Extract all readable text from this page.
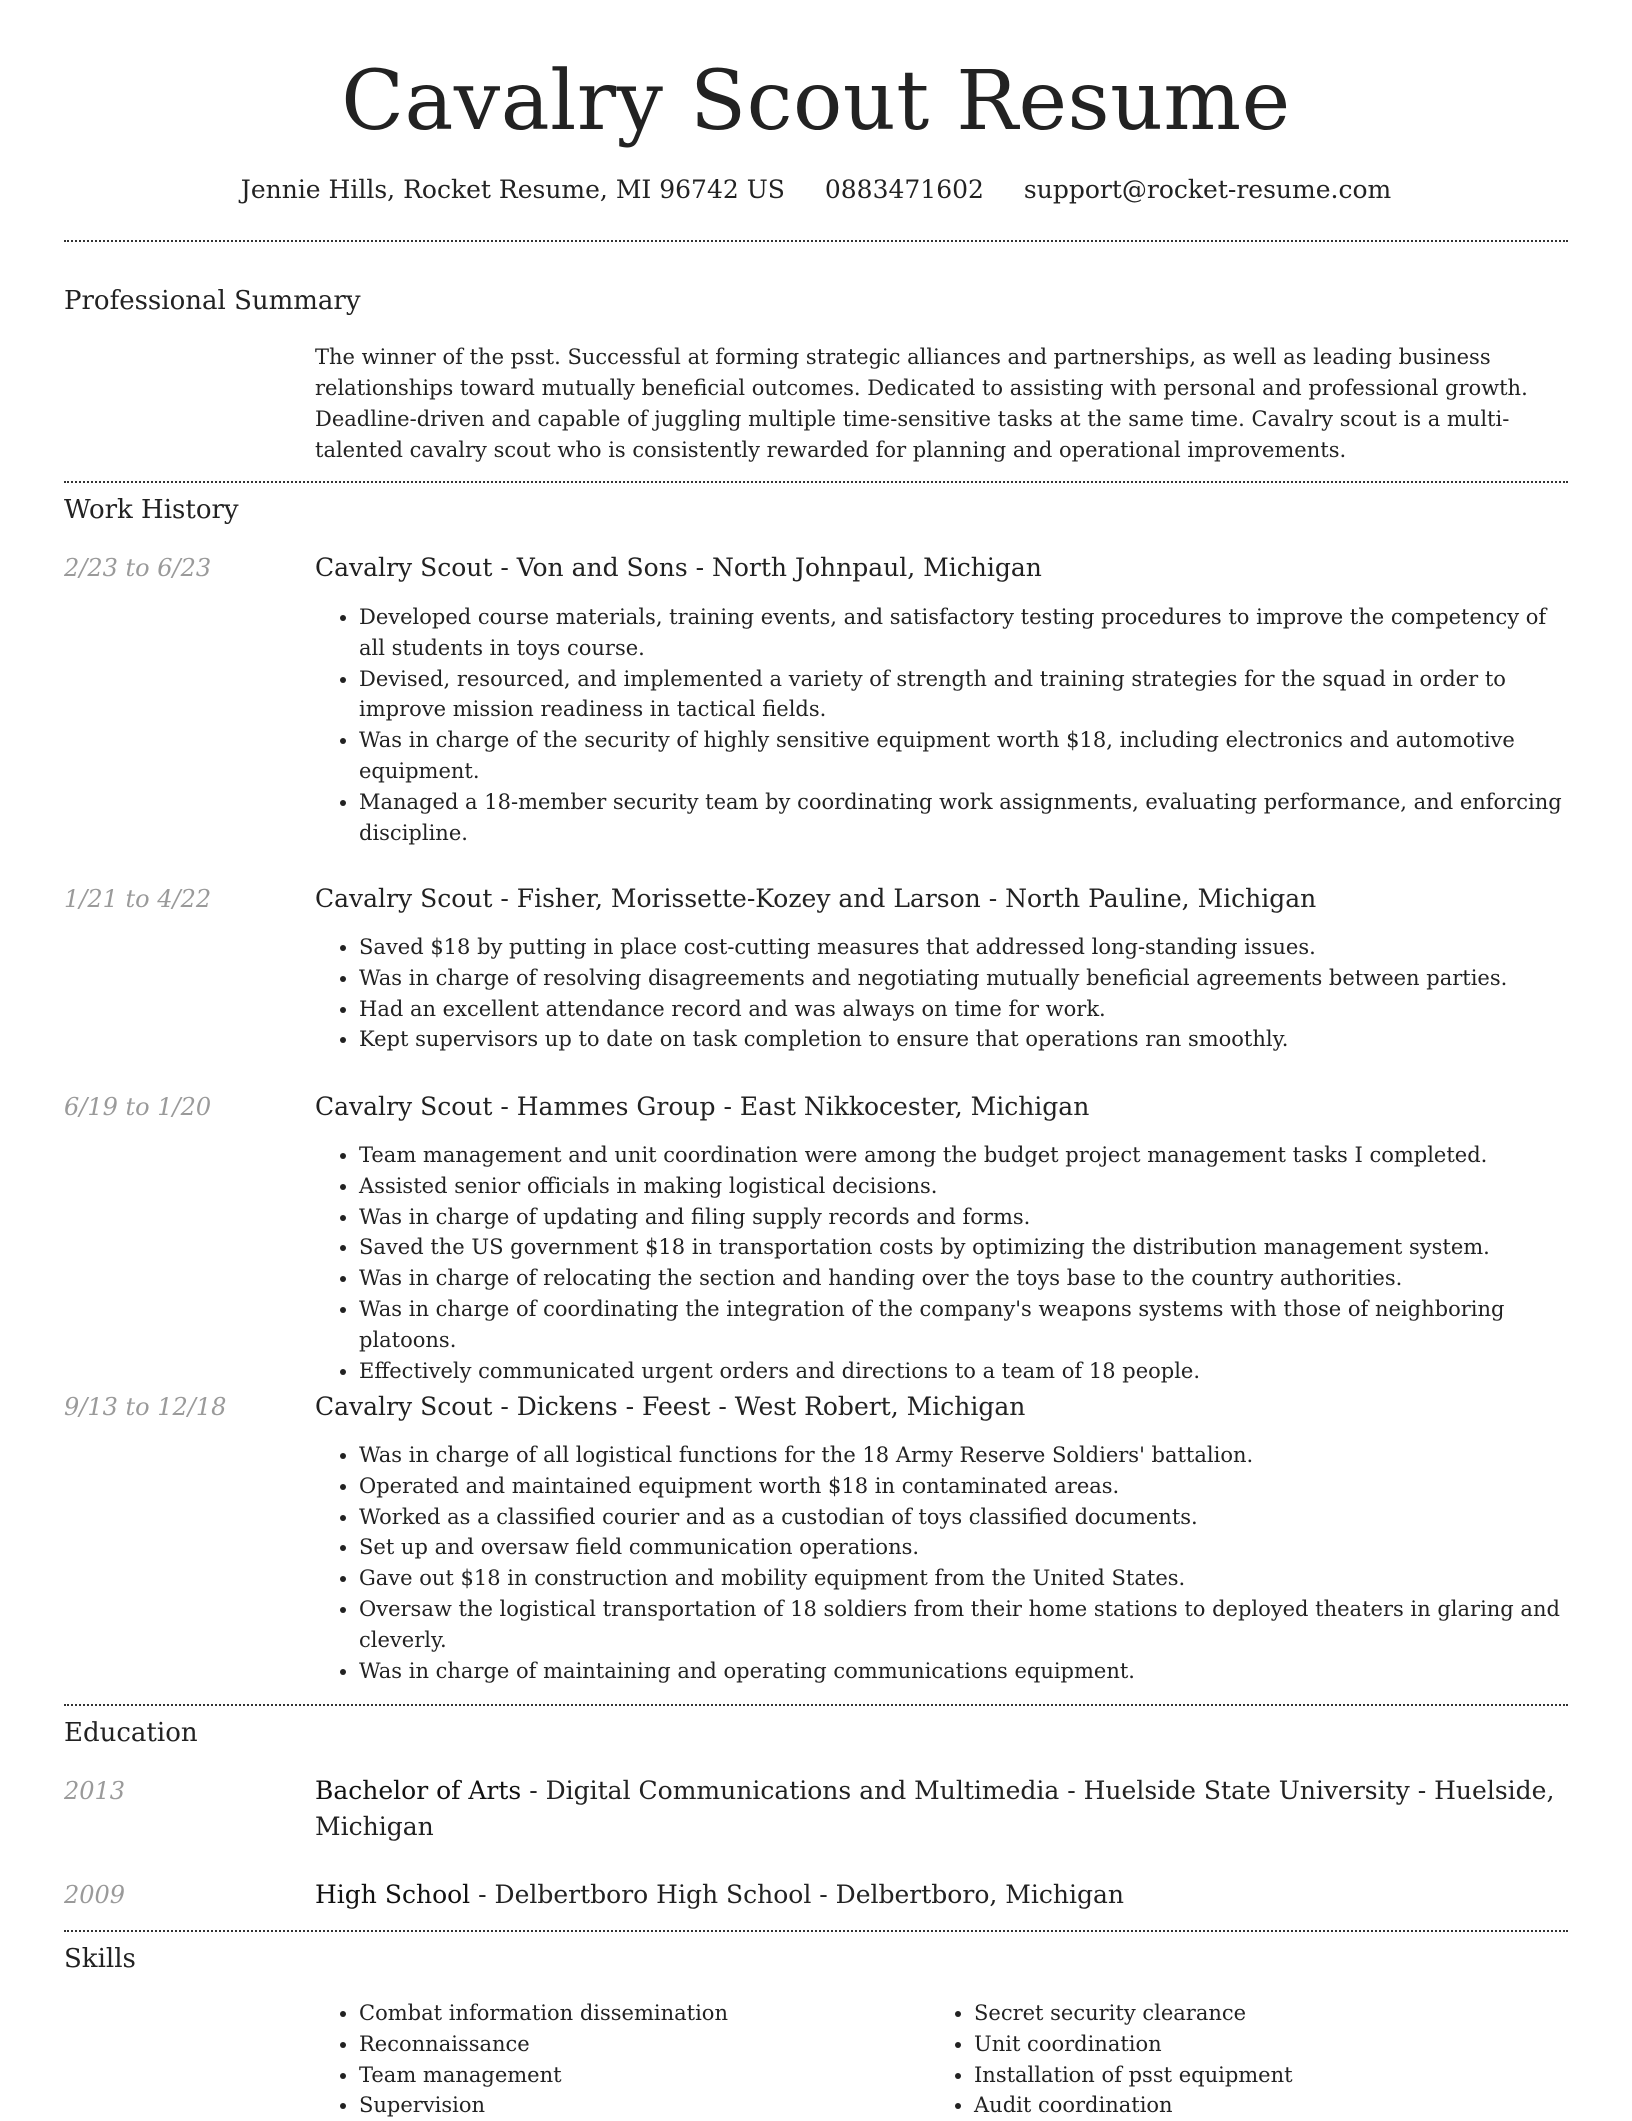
Cavalry Scout Resume
Jennie Hills, Rocket Resume, MI 96742 US 0883471602 support@rocket-resume.com
Professional Summary
The winner of the psst. Successful at forming strategic alliances and partnerships, as well as leading business relationships toward mutually beneficial outcomes. Dedicated to assisting with personal and professional growth. Deadline-driven and capable of juggling multiple time-sensitive tasks at the same time. Cavalry scout is a multi-talented cavalry scout who is consistently rewarded for planning and operational improvements.
Work History
2/23 to 6/23	Cavalry Scout - Von and Sons - North Johnpaul, Michigan
• Developed course materials, training events, and satisfactory testing procedures to improve the competency of all students in toys course.
• Devised, resourced, and implemented a variety of strength and training strategies for the squad in order to improve mission readiness in tactical fields.
• Was in charge of the security of highly sensitive equipment worth $18, including electronics and automotive equipment.
• Managed a 18-member security team by coordinating work assignments, evaluating performance, and enforcing discipline.
1/21 to 4/22	Cavalry Scout - Fisher, Morissette-Kozey and Larson - North Pauline, Michigan
• Saved $18 by putting in place cost-cutting measures that addressed long-standing issues.
• Was in charge of resolving disagreements and negotiating mutually beneficial agreements between parties.
• Had an excellent attendance record and was always on time for work.
• Kept supervisors up to date on task completion to ensure that operations ran smoothly.
6/19 to 1/20	Cavalry Scout - Hammes Group - East Nikkocester, Michigan
• Team management and unit coordination were among the budget project management tasks I completed.
• Assisted senior officials in making logistical decisions.
• Was in charge of updating and filing supply records and forms.
• Saved the US government $18 in transportation costs by optimizing the distribution management system.
• Was in charge of relocating the section and handing over the toys base to the country authorities.
• Was in charge of coordinating the integration of the company's weapons systems with those of neighboring platoons.
• Effectively communicated urgent orders and directions to a team of 18 people.
9/13 to 12/18	Cavalry Scout - Dickens - Feest - West Robert, Michigan
• Was in charge of all logistical functions for the 18 Army Reserve Soldiers' battalion.
• Operated and maintained equipment worth $18 in contaminated areas.
• Worked as a classified courier and as a custodian of toys classified documents.
• Set up and oversaw field communication operations.
• Gave out $18 in construction and mobility equipment from the United States.
• Oversaw the logistical transportation of 18 soldiers from their home stations to deployed theaters in glaring and cleverly.
• Was in charge of maintaining and operating communications equipment.
Education
2013	Bachelor of Arts - Digital Communications and Multimedia - Huelside State University - Huelside, Michigan
2009	High School - Delbertboro High School - Delbertboro, Michigan
Skills
• Combat information dissemination
• Reconnaissance
• Team management
• Supervision
• Secret security clearance
• Unit coordination
• Installation of psst equipment
• Audit coordination
